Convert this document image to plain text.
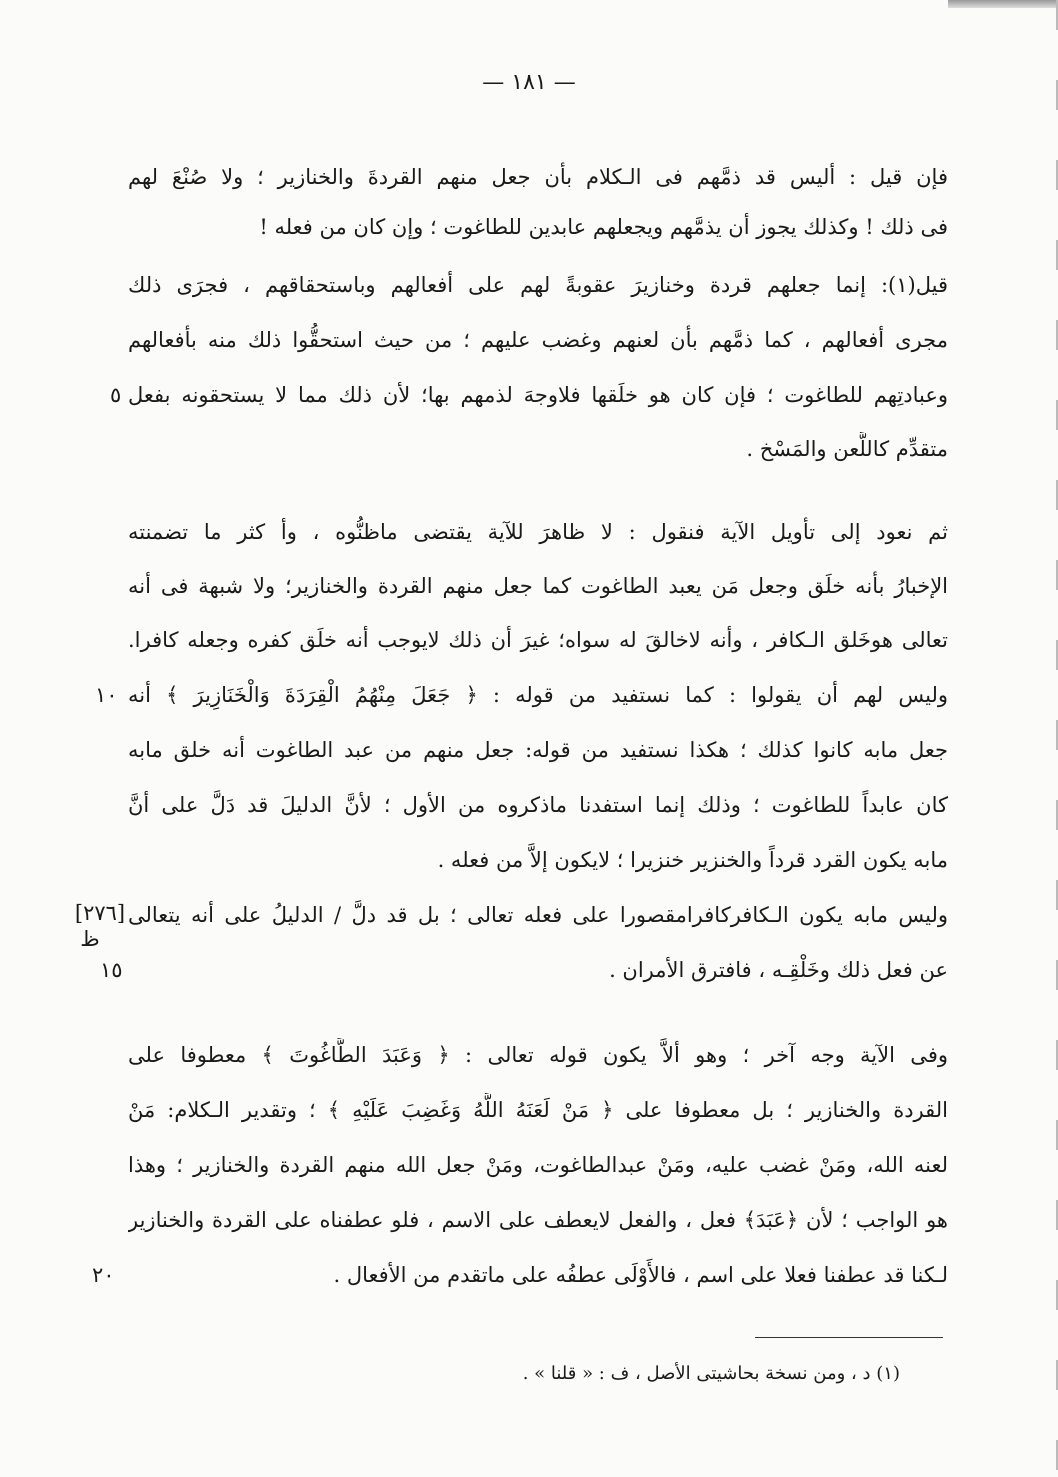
— ١٨١ —
فإن قيل : أليس قد ذمَّهم فى الـكلام بأن جعل منهم القردةَ والخنازير ؛ ولا صُنْعَ لهم
فى ذلك ! وكذلك يجوز أن يذمَّهم ويجعلهم عابدين للطاغوت ؛ وإن كان من فعله !
قيل(١): إنما جعلهم قردة وخنازيرَ عقوبةً لهم على أفعالهم وباستحقاقهم ، فجرَى ذلك
مجرى أفعالهم ، كما ذمَّهم بأن لعنهم وغضب عليهم ؛ من حيث استحقُّوا ذلك منه بأفعالهم
وعبادتِهم للطاغوت ؛ فإن كان هو خلَقها فلاوجهَ لذمهم بها؛ لأن ذلك مما لا يستحقونه بفعل
متقدِّم كاللَّعن والمَسْخ .
ثم نعود إلى تأويل الآية فنقول : لا ظاهرَ للآية يقتضى ماظنُّوه ، وأ كثر ما تضمنته
الإخبارُ بأنه خلَق وجعل مَن يعبد الطاغوت كما جعل منهم القردة والخنازير؛ ولا شبهة فى أنه
تعالى هوخَلق الـكافر ، وأنه لاخالقَ له سواه؛ غيرَ أن ذلك لايوجب أنه خلَق كفره وجعله كافرا.
وليس لهم أن يقولوا : كما نستفيد من قوله : ﴿ جَعَلَ مِنْهُمُ الْقِرَدَةَ وَالْخَنَازِيرَ ﴾ أنه
جعل مابه كانوا كذلك ؛ هكذا نستفيد من قوله: جعل منهم من عبد الطاغوت أنه خلق مابه
كان عابداً للطاغوت ؛ وذلك إنما استفدنا ماذكروه من الأول ؛ لأنَّ الدليلَ قد دَلَّ على أنَّ
مابه يكون القرد قرداً والخنزير خنزيرا ؛ لايكون إلاَّ من فعله .
وليس مابه يكون الـكافركافرامقصورا على فعله تعالى ؛ بل قد دلَّ / الدليلُ على أنه يتعالى
عن فعل ذلك وخَلْقِـه ، فافترق الأمران .
وفى الآية وجه آخر ؛ وهو ألاَّ يكون قوله تعالى : ﴿ وَعَبَدَ الطَّاغُوتَ ﴾ معطوفا على
القردة والخنازير ؛ بل معطوفا على ﴿ مَنْ لَعَنَهُ اللَّهُ وَغَضِبَ عَلَيْهِ ﴾ ؛ وتقدير الـكلام: مَنْ
لعنه الله، ومَنْ غضب عليه، ومَنْ عبدالطاغوت، ومَنْ جعل الله منهم القردة والخنازير ؛ وهذا
هو الواجب ؛ لأن ﴿عَبَدَ﴾ فعل ، والفعل لايعطف على الاسم ، فلو عطفناه على القردة والخنازير
لـكنا قد عطفنا فعلا على اسم ، فالأَوْلَى عطفُه على ماتقدم من الأفعال .
٥
١٠
١٥
٢٠
[٢٧٦]
ظ
(١) د ، ومن نسخة بحاشيتى الأصل ، ف : « قلنا » .
